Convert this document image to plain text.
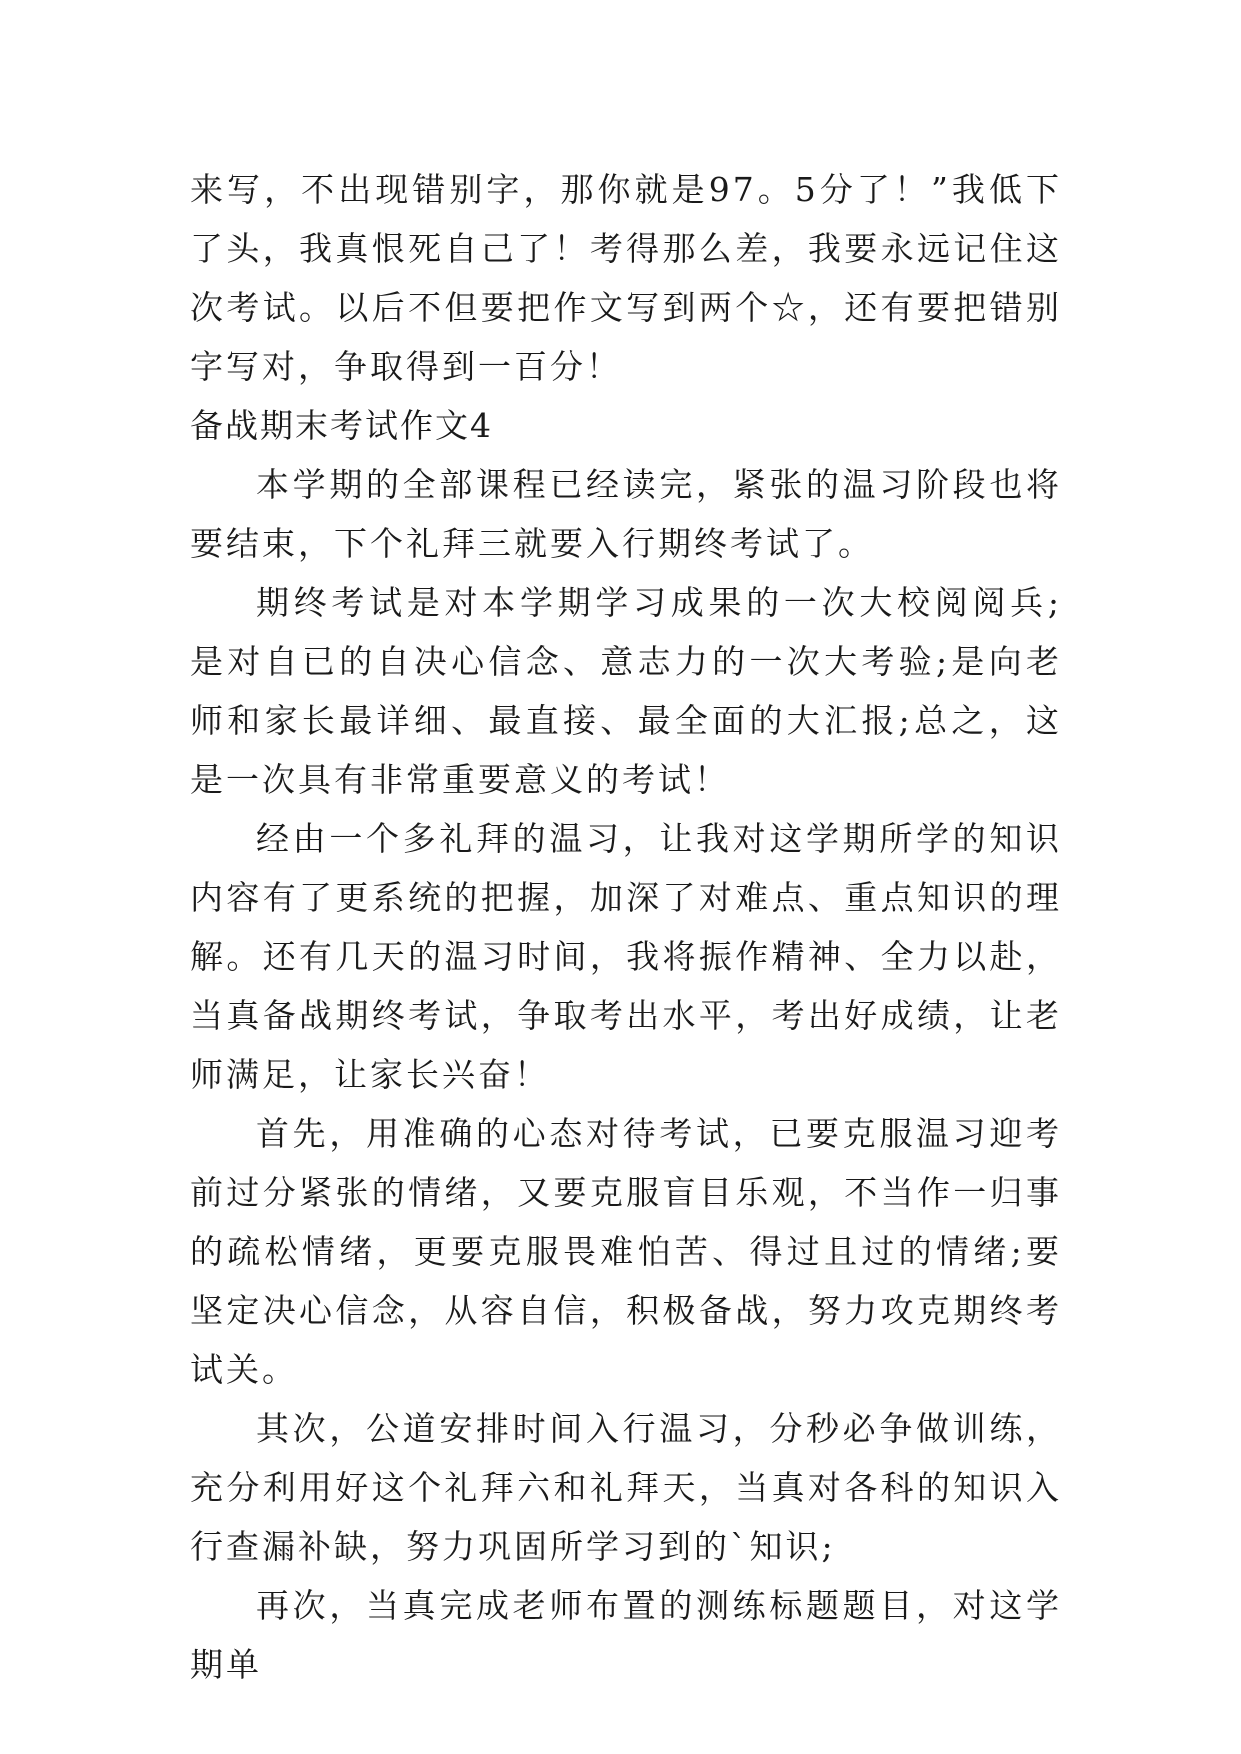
来写，不出现错别字，那你就是97。5分了！”我低下了头，我真恨死自己了！考得那么差，我要永远记住这次考试。以后不但要把作文写到两个☆，还有要把错别字写对，争取得到一百分！

备战期末考试作文4

本学期的全部课程已经读完，紧张的温习阶段也将要结束，下个礼拜三就要入行期终考试了。

期终考试是对本学期学习成果的一次大校阅阅兵;是对自已的自决心信念、意志力的一次大考验;是向老师和家长最详细、最直接、最全面的大汇报;总之，这是一次具有非常重要意义的考试！

经由一个多礼拜的温习，让我对这学期所学的知识内容有了更系统的把握，加深了对难点、重点知识的理解。还有几天的温习时间，我将振作精神、全力以赴，当真备战期终考试，争取考出水平，考出好成绩，让老师满足，让家长兴奋！

首先，用准确的心态对待考试，已要克服温习迎考前过分紧张的情绪，又要克服盲目乐观，不当作一归事的疏松情绪，更要克服畏难怕苦、得过且过的情绪;要坚定决心信念，从容自信，积极备战，努力攻克期终考试关。

其次，公道安排时间入行温习，分秒必争做训练，充分利用好这个礼拜六和礼拜天，当真对各科的知识入行查漏补缺，努力巩固所学习到的`知识;

再次，当真完成老师布置的测练标题题目，对这学期单
